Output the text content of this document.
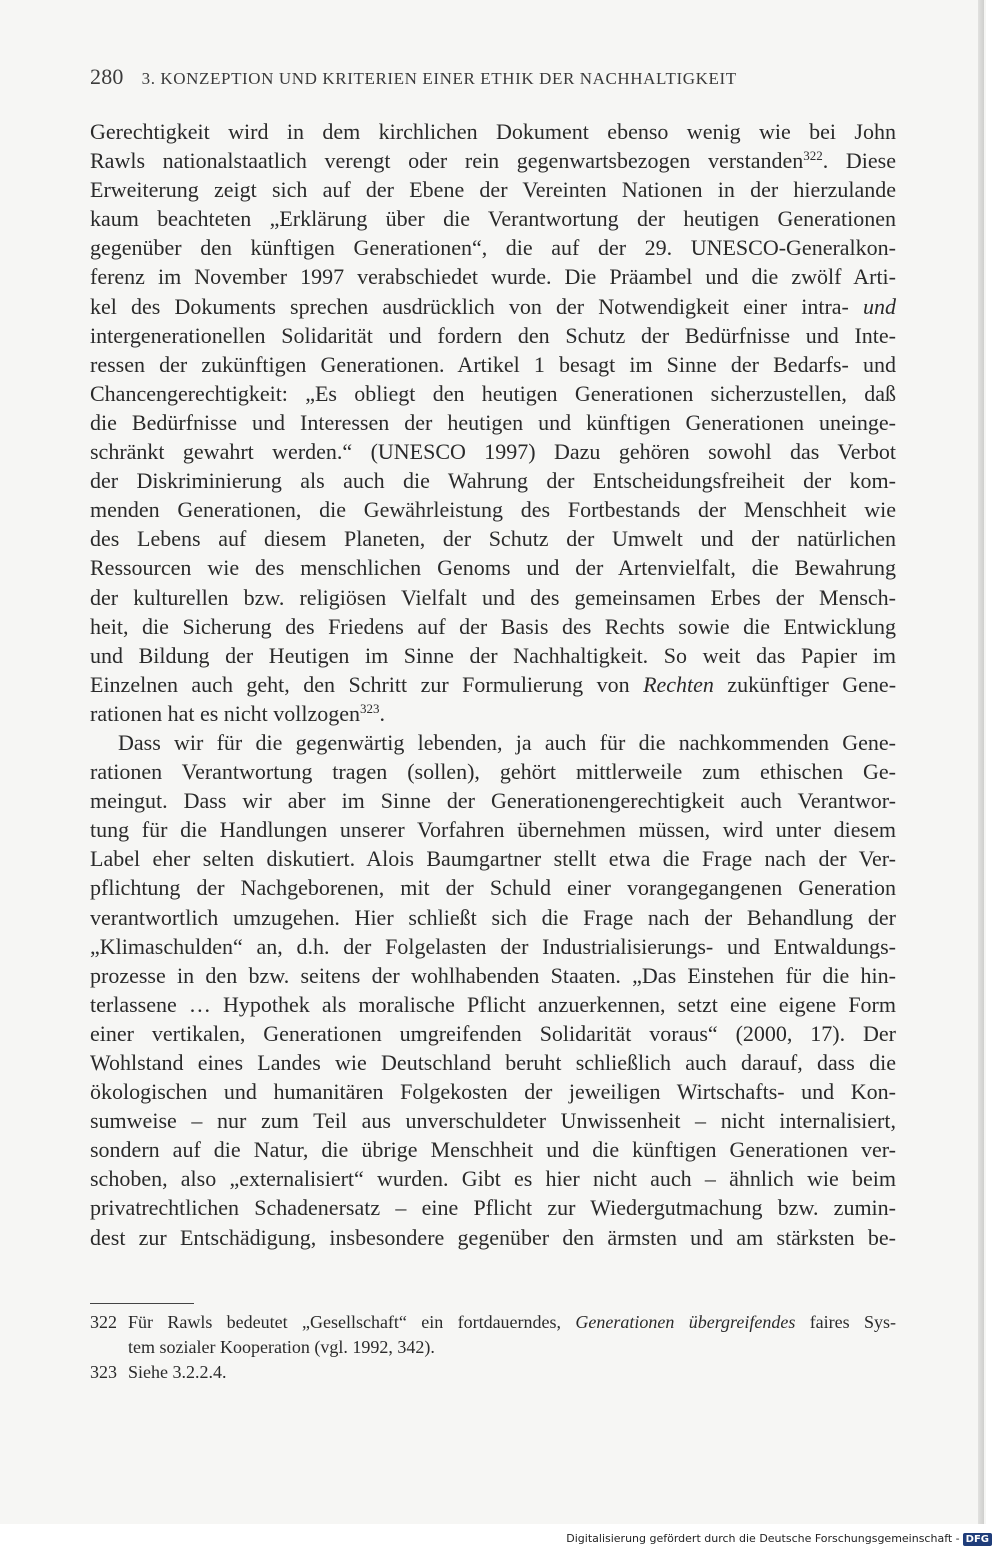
280 3. KONZEPTION UND KRITERIEN EINER ETHIK DER NACHHALTIGKEIT
Gerechtigkeit wird in dem kirchlichen Dokument ebenso wenig wie bei John
Rawls nationalstaatlich verengt oder rein gegenwartsbezogen verstanden$^{322}$. Diese
Erweiterung zeigt sich auf der Ebene der Vereinten Nationen in der hierzulande
kaum beachteten „Erklärung über die Verantwortung der heutigen Generationen
gegenüber den künftigen Generationen“, die auf der 29. UNESCO-Generalkon-
ferenz im November 1997 verabschiedet wurde. Die Präambel und die zwölf Arti-
kel des Dokuments sprechen ausdrücklich von der Notwendigkeit einer intra- und
intergenerationellen Solidarität und fordern den Schutz der Bedürfnisse und Inte-
ressen der zukünftigen Generationen. Artikel 1 besagt im Sinne der Bedarfs- und
Chancengerechtigkeit: „Es obliegt den heutigen Generationen sicherzustellen, daß
die Bedürfnisse und Interessen der heutigen und künftigen Generationen uneinge-
schränkt gewahrt werden.“ (UNESCO 1997) Dazu gehören sowohl das Verbot
der Diskriminierung als auch die Wahrung der Entscheidungsfreiheit der kom-
menden Generationen, die Gewährleistung des Fortbestands der Menschheit wie
des Lebens auf diesem Planeten, der Schutz der Umwelt und der natürlichen
Ressourcen wie des menschlichen Genoms und der Artenvielfalt, die Bewahrung
der kulturellen bzw. religiösen Vielfalt und des gemeinsamen Erbes der Mensch-
heit, die Sicherung des Friedens auf der Basis des Rechts sowie die Entwicklung
und Bildung der Heutigen im Sinne der Nachhaltigkeit. So weit das Papier im
Einzelnen auch geht, den Schritt zur Formulierung von Rechten zukünftiger Gene-
rationen hat es nicht vollzogen$^{323}$.
Dass wir für die gegenwärtig lebenden, ja auch für die nachkommenden Gene-
rationen Verantwortung tragen (sollen), gehört mittlerweile zum ethischen Ge-
meingut. Dass wir aber im Sinne der Generationengerechtigkeit auch Verantwor-
tung für die Handlungen unserer Vorfahren übernehmen müssen, wird unter diesem
Label eher selten diskutiert. Alois Baumgartner stellt etwa die Frage nach der Ver-
pflichtung der Nachgeborenen, mit der Schuld einer vorangegangenen Generation
verantwortlich umzugehen. Hier schließt sich die Frage nach der Behandlung der
„Klimaschulden“ an, d.h. der Folgelasten der Industrialisierungs- und Entwaldungs-
prozesse in den bzw. seitens der wohlhabenden Staaten. „Das Einstehen für die hin-
terlassene … Hypothek als moralische Pflicht anzuerkennen, setzt eine eigene Form
einer vertikalen, Generationen umgreifenden Solidarität voraus“ (2000, 17). Der
Wohlstand eines Landes wie Deutschland beruht schließlich auch darauf, dass die
ökologischen und humanitären Folgekosten der jeweiligen Wirtschafts- und Kon-
sumweise – nur zum Teil aus unverschuldeter Unwissenheit – nicht internalisiert,
sondern auf die Natur, die übrige Menschheit und die künftigen Generationen ver-
schoben, also „externalisiert“ wurden. Gibt es hier nicht auch – ähnlich wie beim
privatrechtlichen Schadenersatz – eine Pflicht zur Wiedergutmachung bzw. zumin-
dest zur Entschädigung, insbesondere gegenüber den ärmsten und am stärksten be-
322 Für Rawls bedeutet „Gesellschaft“ ein fortdauerndes, Generationen übergreifendes faires Sys-
tem sozialer Kooperation (vgl. 1992, 342).
323 Siehe 3.2.2.4.
Digitalisierung gefördert durch die Deutsche Forschungsgemeinschaft - DFG
